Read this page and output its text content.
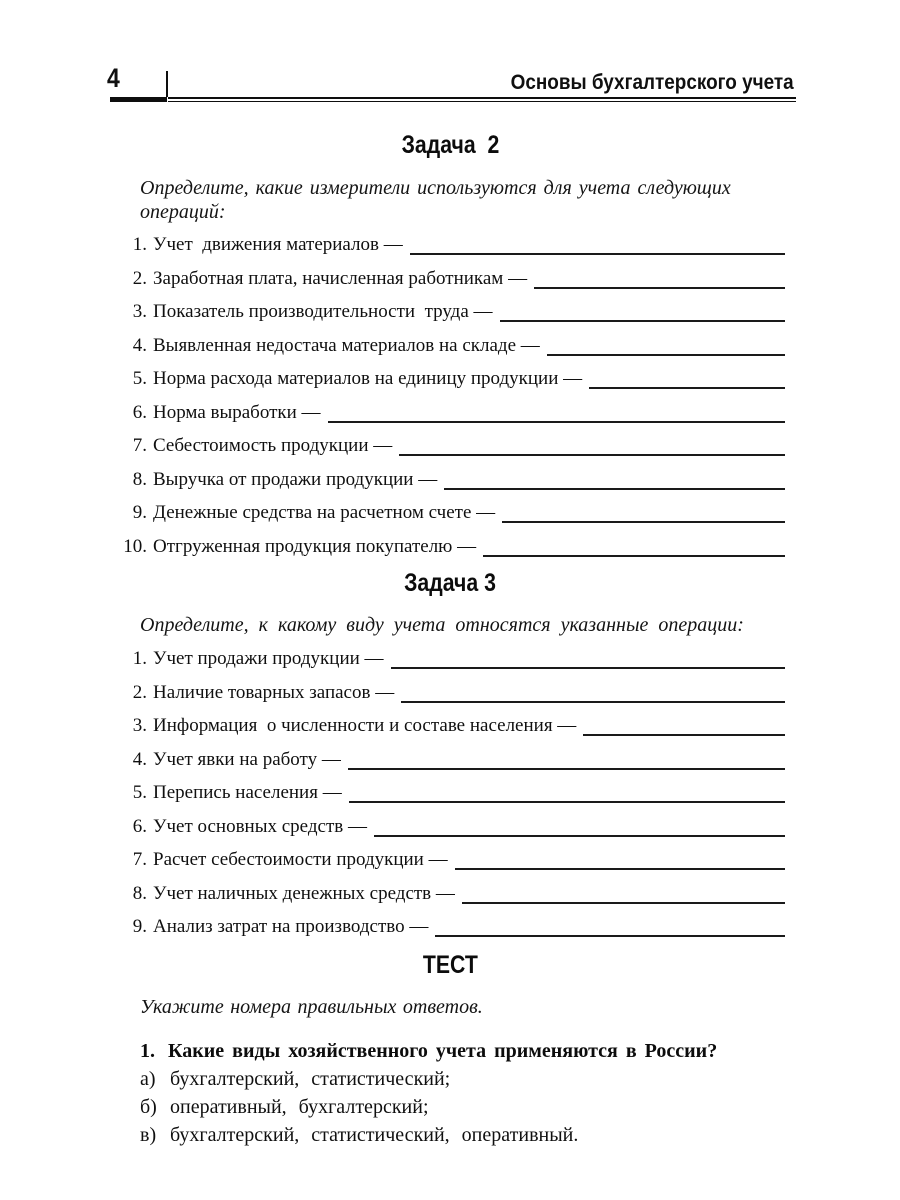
4	Основы бухгалтерского учета
Задача  2
Определите, какие измерители используются для учета следующих операций:
1. Учет  движения материалов —
2. Заработная плата, начисленная работникам —
3. Показатель производительности  труда —
4. Выявленная недостача материалов на складе —
5. Норма расхода материалов на единицу продукции —
6. Норма выработки —
7. Себестоимость продукции —
8. Выручка от продажи продукции —
9. Денежные средства на расчетном счете —
10. Отгруженная продукция покупателю —
Задача 3
Определите, к какому виду учета относятся указанные операции:
1. Учет продажи продукции —
2. Наличие товарных запасов —
3. Информация  о численности и составе населения —
4. Учет явки на работу —
5. Перепись населения —
6. Учет основных средств —
7. Расчет себестоимости продукции —
8. Учет наличных денежных средств —
9. Анализ затрат на производство —
ТЕСТ
Укажите номера правильных ответов.
1. Какие виды хозяйственного учета применяются в России?
а) бухгалтерский,  статистический;
б) оперативный,  бухгалтерский;
в) бухгалтерский,  статистический,  оперативный.
